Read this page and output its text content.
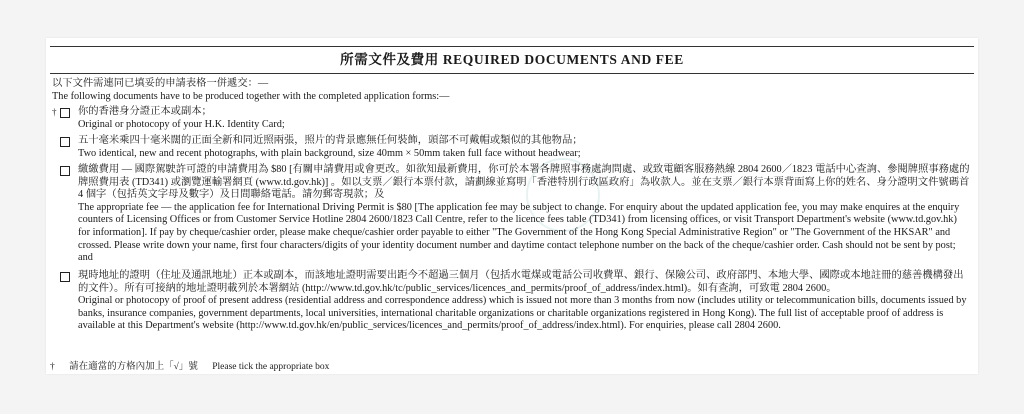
所需文件及費用 REQUIRED DOCUMENTS AND FEE
以下文件需連同已填妥的申請表格一併遞交：—
The following documents have to be produced together with the completed application forms:—
† 你的香港身分證正本或副本；
Original or photocopy of your H.K. Identity Card;
五十毫米乘四十毫米闊的正面全新和同近照兩張，照片的背景應無任何裝飾，頭部不可戴帽或類似的其他物品；
Two identical, new and recent photographs, with plain background, size 40mm × 50mm taken full face without headwear;
繳繳費用 — 國際駕駛許可證的申請費用為 $80 [有關申請費用或會更改。如欲知最新費用，你可於本署各牌照事務處詢問處、或致電顧客服務熱線 2804 2600／1823 電話中心查詢、參閱牌照事務處的牌照費用表 (TD341) 或瀏覽運輸署網頁 (www.td.gov.hk)] 。如以支票／銀行本票付款，請劃線並寫明「香港特別行政區政府」為收款人。並在支票／銀行本票背面寫上你的姓名、身分證明文件號碼首 4 個字（包括英文字母及數字）及日間聯絡電話。請勿郵寄現款；及
The appropriate fee — the application fee for International Driving Permit is $80 [The application fee may be subject to change. For enquiry about the updated application fee, you may make enquires at the enquiry counters of Licensing Offices or from Customer Service Hotline 2804 2600/1823 Call Centre, refer to the licence fees table (TD341) from licensing offices, or visit Transport Department's website (www.td.gov.hk) for information]. If pay by cheque/cashier order, please make cheque/cashier order payable to either "The Government of the Hong Kong Special Administrative Region" or "The Government of the HKSAR" and crossed. Please write down your name, first four characters/digits of your identity document number and daytime contact telephone number on the back of the cheque/cashier order. Cash should not be sent by post; and
現時地址的證明（住址及通訊地址）正本或副本，而該地址證明需要出距今不超過三個月（包括水電煤或電話公司收費單、銀行、保險公司、政府部門、本地大學、國際或本地註冊的慈善機構發出的文件）。所有可接納的地址證明載列於本署網站 (http://www.td.gov.hk/tc/public_services/licences_and_permits/proof_of_address/index.html)。如有查詢，可致電 2804 2600。
Original or photocopy of proof of present address (residential address and correspondence address) which is issued not more than 3 months from now (includes utility or telecommunication bills, documents issued by banks, insurance companies, government departments, local universities, international charitable organizations or charitable organizations registered in Hong Kong). The full list of acceptable proof of address is available at this Department's website (http://www.td.gov.hk/en/public_services/licences_and_permits/proof_of_address/index.html). For enquiries, please call 2804 2600.
† 請在適當的方格內加上「√」號 Please tick the appropriate box
